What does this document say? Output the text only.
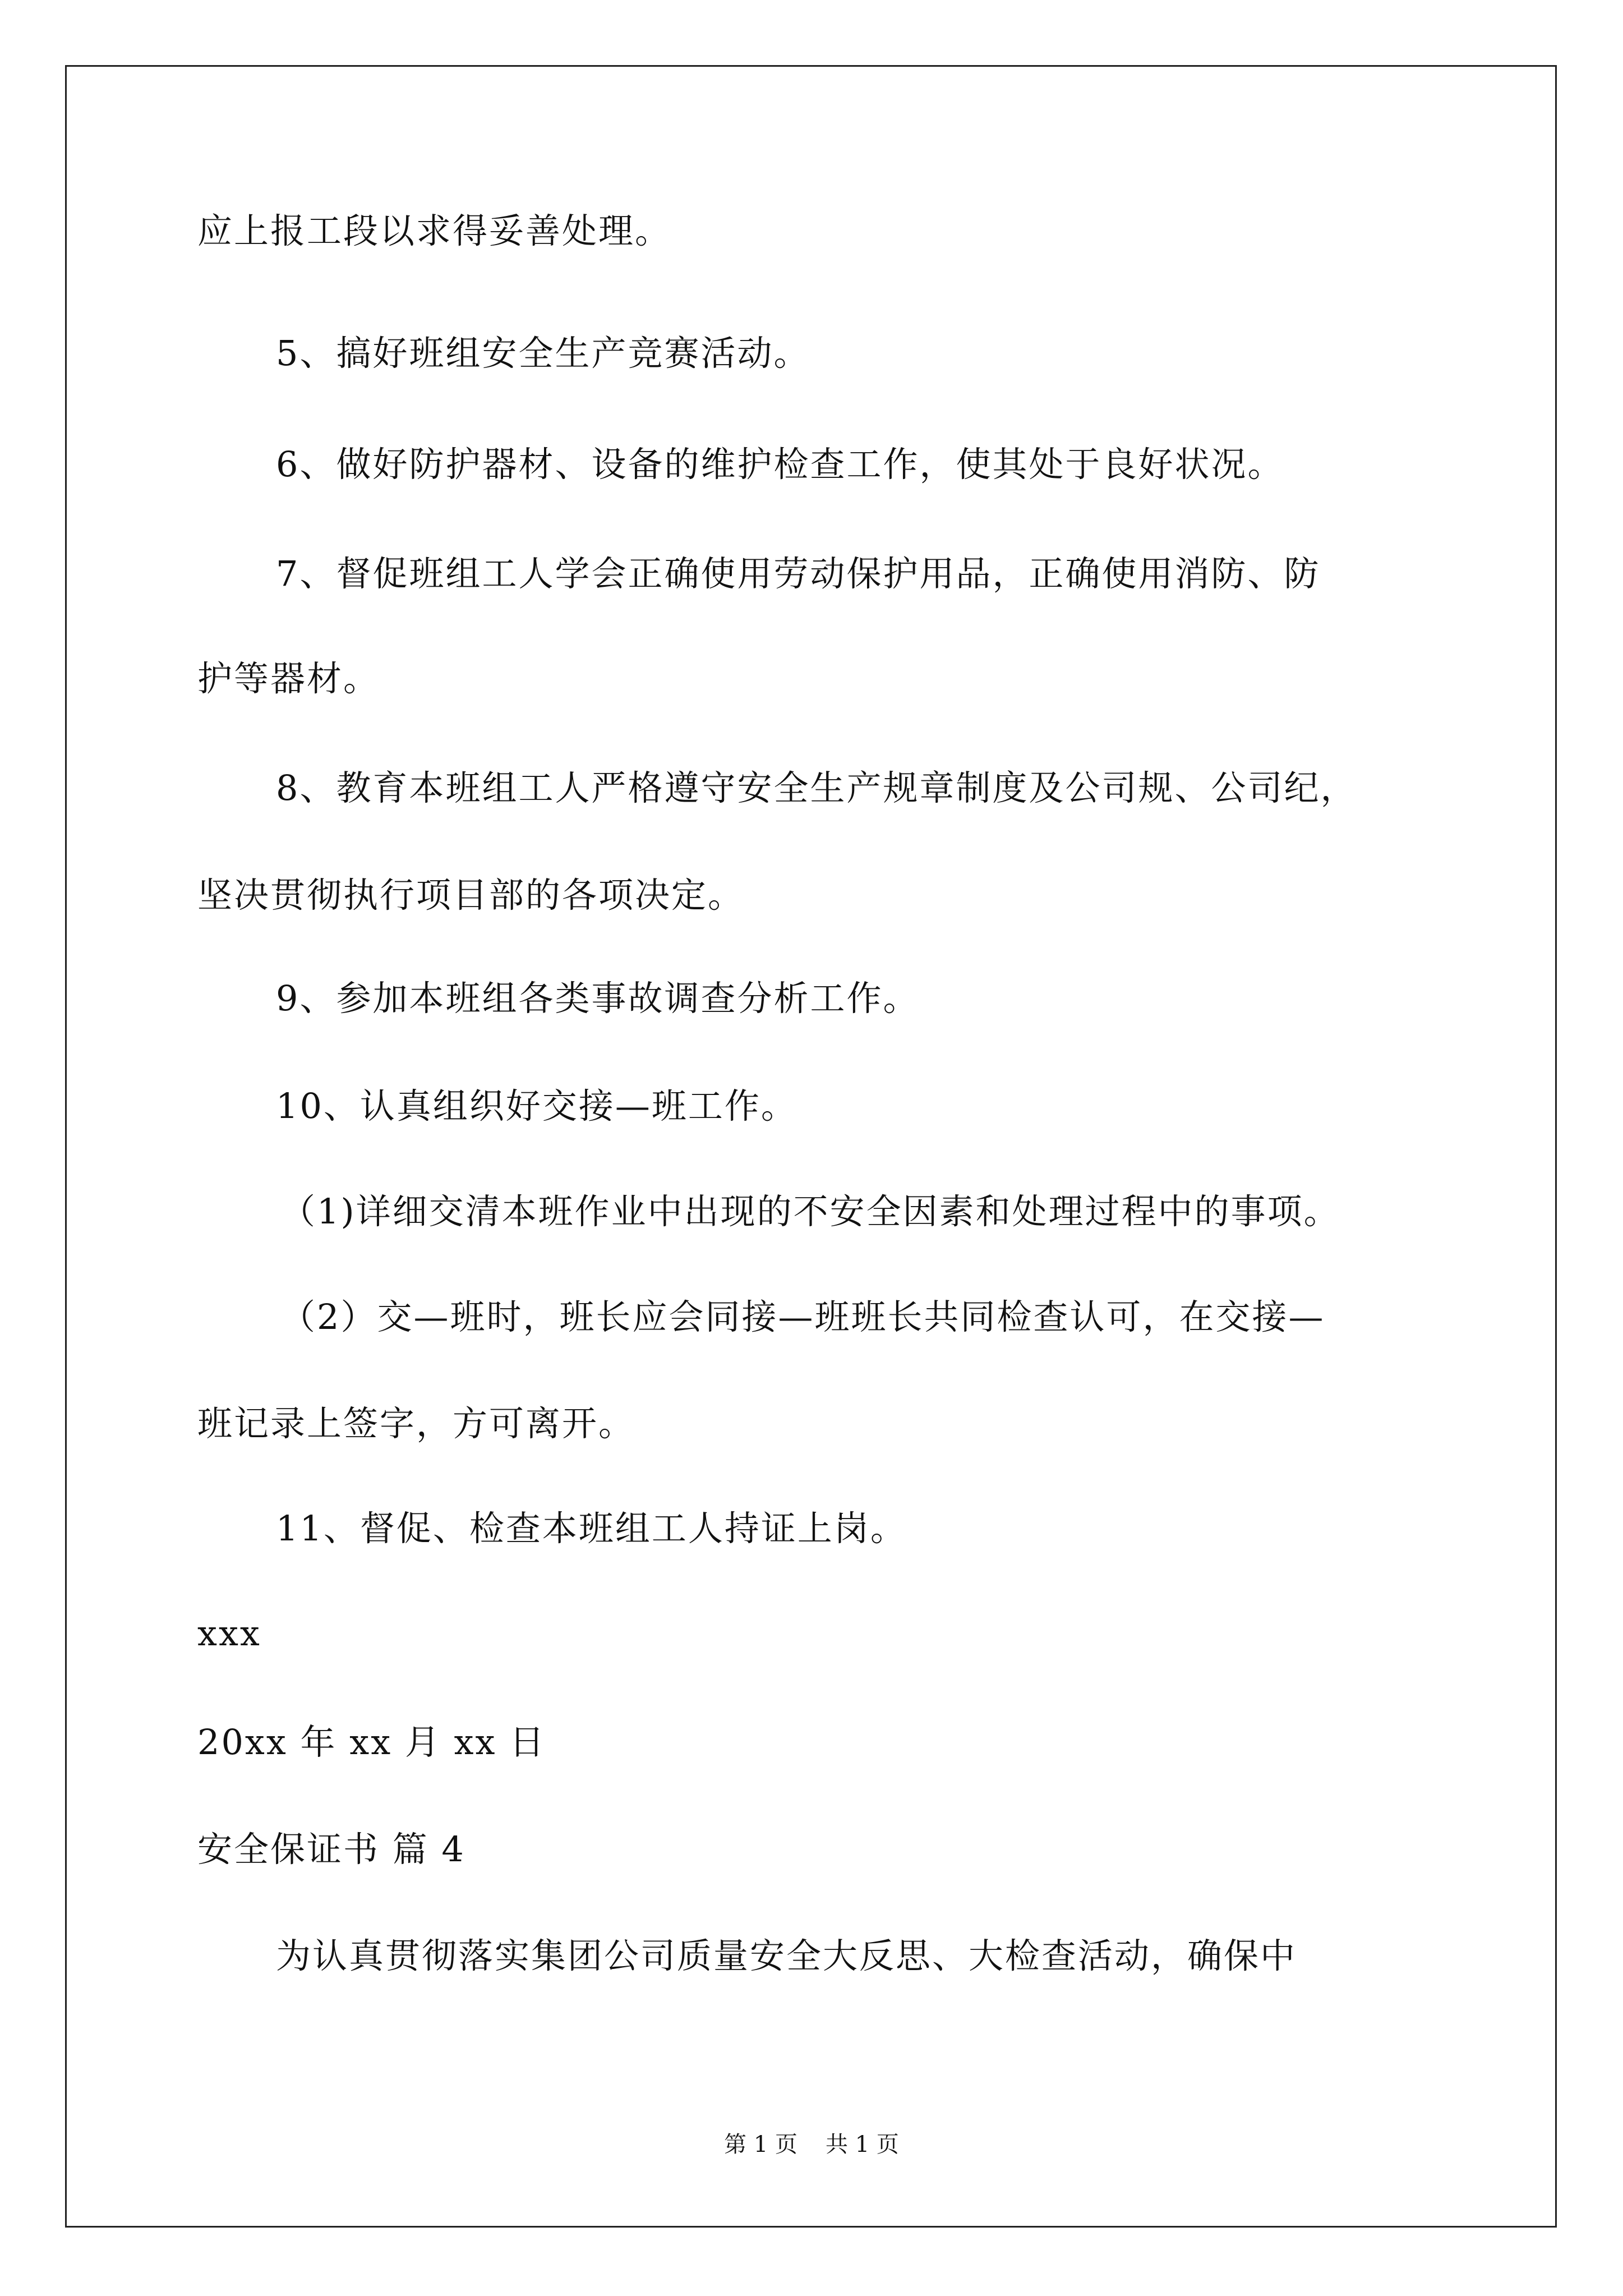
应上报工段以求得妥善处理。
5、搞好班组安全生产竞赛活动。
6、做好防护器材、设备的维护检查工作，使其处于良好状况。
7、督促班组工人学会正确使用劳动保护用品，正确使用消防、防
护等器材。
8、教育本班组工人严格遵守安全生产规章制度及公司规、公司纪，
坚决贯彻执行项目部的各项决定。
9、参加本班组各类事故调查分析工作。
10、认真组织好交接—班工作。
（1)详细交清本班作业中出现的不安全因素和处理过程中的事项。
（2）交—班时，班长应会同接—班班长共同检查认可，在交接—
班记录上签字，方可离开。
11、督促、检查本班组工人持证上岗。
xxx
20xx 年 xx 月 xx 日
安全保证书 篇 4
为认真贯彻落实集团公司质量安全大反思、大检查活动，确保中
第 1 页 共 1 页
